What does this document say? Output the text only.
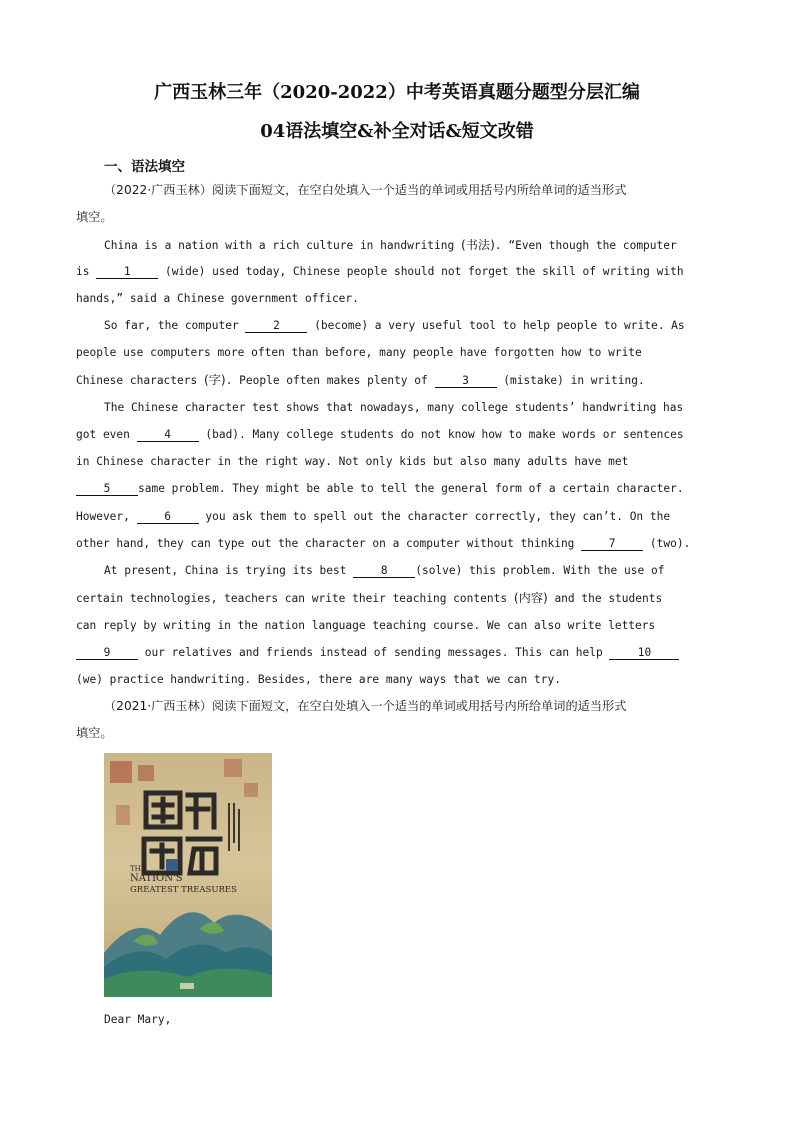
广西玉林三年（2020-2022）中考英语真题分题型分层汇编
04语法填空&补全对话&短文改错
一、语法填空
（2022·广西玉林）阅读下面短文，在空白处填入一个适当的单词或用括号内所给单词的适当形式
填空。
China is a nation with a rich culture in handwriting (书法). “Even though the computer
is 1 (wide) used today, Chinese people should not forget the skill of writing with
hands,” said a Chinese government officer.
So far, the computer 2 (become) a very useful tool to help people to write. As
people use computers more often than before, many people have forgotten how to write
Chinese characters (字). People often makes plenty of 3 (mistake) in writing.
The Chinese character test shows that nowadays, many college students’ handwriting has
got even 4 (bad). Many college students do not know how to make words or sentences
in Chinese character in the right way. Not only kids but also many adults have met
5 same problem. They might be able to tell the general form of a certain character.
However, 6 you ask them to spell out the character correctly, they can’t. On the
other hand, they can type out the character on a computer without thinking 7 (two).
At present, China is trying its best 8 (solve) this problem. With the use of
certain technologies, teachers can write their teaching contents (内容) and the students
can reply by writing in the nation language teaching course. We can also write letters
9 our relatives and friends instead of sending messages. This can help	10
(we) practice handwriting. Besides, there are many ways that we can try.
（2021·广西玉林）阅读下面短文，在空白处填入一个适当的单词或用括号内所给单词的适当形式
填空。
THE
NATION'S
GREATEST TREASURES
Dear Mary,
